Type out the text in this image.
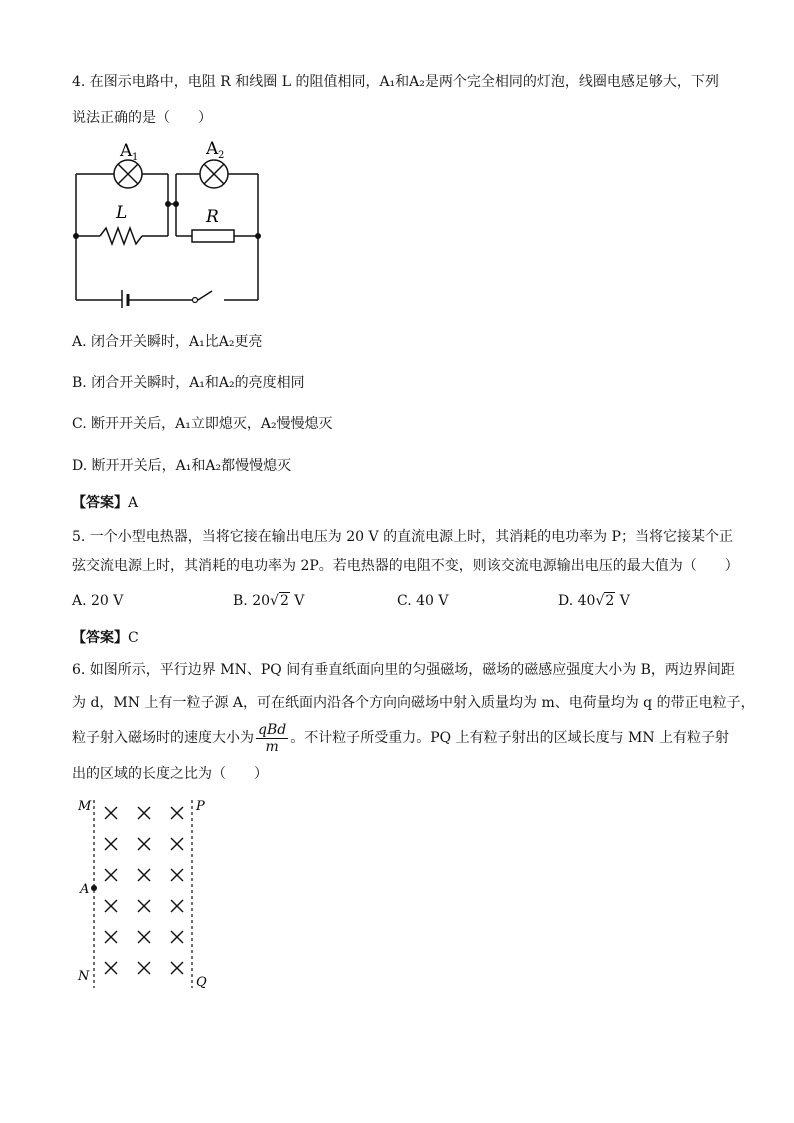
4. 在图示电路中，电阻 R 和线圈 L 的阻值相同，A₁和A₂是两个完全相同的灯泡，线圈电感足够大，下列
说法正确的是（　　）
A 1	A 2
L	R
A. 闭合开关瞬时，A₁比A₂更亮
B. 闭合开关瞬时，A₁和A₂的亮度相同
C. 断开开关后，A₁立即熄灭，A₂慢慢熄灭
D. 断开开关后，A₁和A₂都慢慢熄灭
【答案】A
5. 一个小型电热器，当将它接在输出电压为 20 V 的直流电源上时，其消耗的电功率为 P；当将它接某个正
弦交流电源上时，其消耗的电功率为 2P。若电热器的电阻不变，则该交流电源输出电压的最大值为（　　）
A. 20 V	B. 20√2 V	C. 40 V	D. 40√2 V
【答案】C
6. 如图所示，平行边界 MN、PQ 间有垂直纸面向里的匀强磁场，磁场的磁感应强度大小为 B，两边界间距
为 d，MN 上有一粒子源 A，可在纸面内沿各个方向向磁场中射入质量均为 m、电荷量均为 q 的带正电粒子，
粒子射入磁场时的速度大小为 $\frac{\text{qBd}}{m}$ 。不计粒子所受重力。PQ 上有粒子射出的区域长度与 MN 上有粒子射
出的区域的长度之比为（　　）
M	P
A
N	Q
